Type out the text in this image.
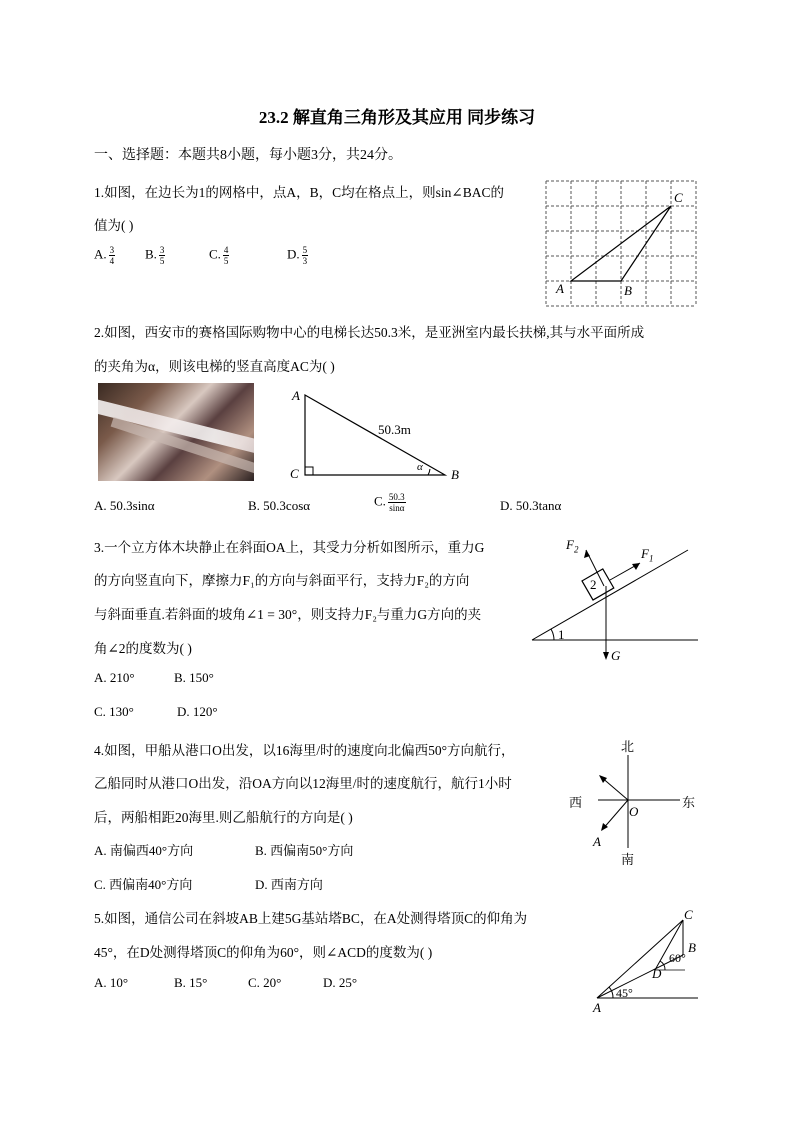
23.2 解直角三角形及其应用 同步练习
一、选择题：本题共8小题，每小题3分，共24分。
1.如图，在边长为1的网格中，点A，B，C均在格点上，则sin∠BAC的
值为( )
A. $\frac{3}{4} B$. $\frac{3}{5}$	C. $\frac{4}{5}$	D. $\frac{5}{3}$
A	B
C
2.如图，西安市的赛格国际购物中心的电梯长达50.3米，是亚洲室内最长扶梯,其与水平面所成
的夹角为α，则该电梯的竖直高度AC为( )
A
C	B
50.3m
α
A. 50.3sinα	B. 50.3cosα	C. $\frac{50.3}{\sin\alpha}$	D. 50.3tanα
3.一个立方体木块静止在斜面OA上，其受力分析如图所示，重力G
的方向竖直向下，摩擦力F₁的方向与斜面平行，支持力F₂的方向
与斜面垂直.若斜面的坡角∠1 = 30°，则支持力F₂与重力G方向的夹
角∠2的度数为( )
A. 210°	B. 150°
C. 130°	D. 120°
$F_2$	$F_1$
2
1
G
4.如图，甲船从港口O出发，以16海里/时的速度向北偏西50°方向航行，
乙船同时从港口O出发，沿OA方向以12海里/时的速度航行，航行1小时
后，两船相距20海里.则乙船航行的方向是( )
A. 南偏西40°方向	B. 西偏南50°方向
C. 西偏南40°方向	D. 西南方向
北
南
西	东
O
A
5.如图，通信公司在斜坡AB上建5G基站塔BC，在A处测得塔顶C的仰角为
45°，在D处测得塔顶C的仰角为60°，则∠ACD的度数为( )
A. 10°	B. 15°	C. 20°	D. 25°
C
B
D
A
45°
60°
